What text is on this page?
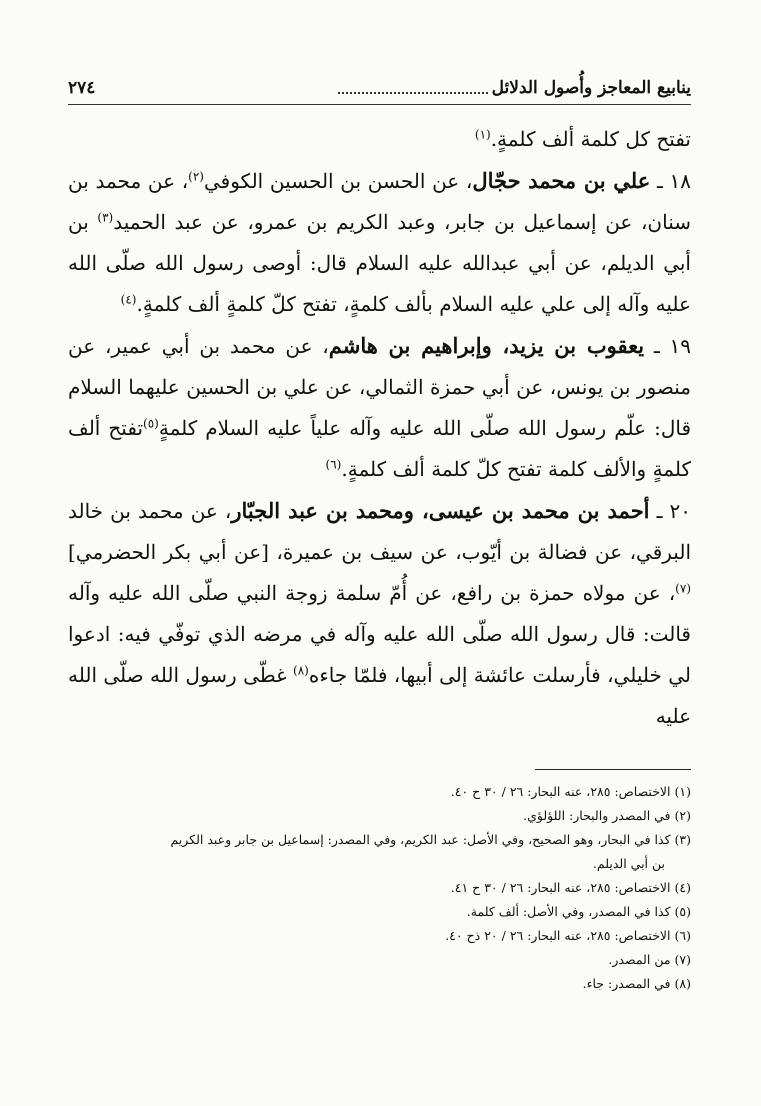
ينابيع المعاجز وأُصول الدلائل
٢٧٤

تفتح كل كلمة ألف كلمةٍ.$^{(١)}$

١٨ ـ علي بن محمد حجّال، عن الحسن بن الحسين الكوفي$^{(٢)}$، عن محمد بن سنان، عن إسماعيل بن جابر، وعبد الكريم بن عمرو، عن عبد الحميد$^{(٣)}$ بن أبي الديلم، عن أبي عبدالله عليه السلام قال: أوصى رسول الله صلّى الله عليه وآله إلى علي عليه السلام بألف كلمةٍ، تفتح كلّ كلمةٍ ألف كلمةٍ.$^{(٤)}$

١٩ ـ يعقوب بن يزيد، وإبراهيم بن هاشم، عن محمد بن أبي عمير، عن منصور بن يونس، عن أبي حمزة الثمالي، عن علي بن الحسين عليهما السلام قال: علّم رسول الله صلّى الله عليه وآله علياً عليه السلام كلمةٍ$^{(٥)}$تفتح ألف كلمةٍ والألف كلمة تفتح كلّ كلمة ألف كلمةٍ.$^{(٦)}$

٢٠ ـ أحمد بن محمد بن عيسى، ومحمد بن عبد الجبّار، عن محمد بن خالد البرقي، عن فضالة بن أيّوب، عن سيف بن عميرة، [عن أبي بكر الحضرمي]$^{(٧)}$، عن مولاه حمزة بن رافع، عن أُمّ سلمة زوجة النبي صلّى الله عليه وآله قالت: قال رسول الله صلّى الله عليه وآله في مرضه الذي توفّي فيه: ادعوا لي خليلي، فأرسلت عائشة إلى أبيها، فلمّا جاءه$^{(٨)}$ غطّى رسول الله صلّى الله عليه

(١) الاختصاص: ٢٨٥، عنه البحار: ٢٦ / ٣٠ ح ٤٠.

(٢) في المصدر والبحار: اللؤلؤي.

(٣) كذا في البحار، وهو الصحيح، وفي الأصل: عبد الكريم، وفي المصدر: إسماعيل بن جابر وعبد الكريم

بن أبي الديلم.

(٤) الاختصاص: ٢٨٥، عنه البحار: ٢٦ / ٣٠ ح ٤١.

(٥) كذا في المصدر، وفي الأصل: ألف كلمة.

(٦) الاختصاص: ٢٨٥، عنه البحار: ٢٦ / ٢٠ ذح ٤٠.

(٧) من المصدر.

(٨) في المصدر: جاء.
